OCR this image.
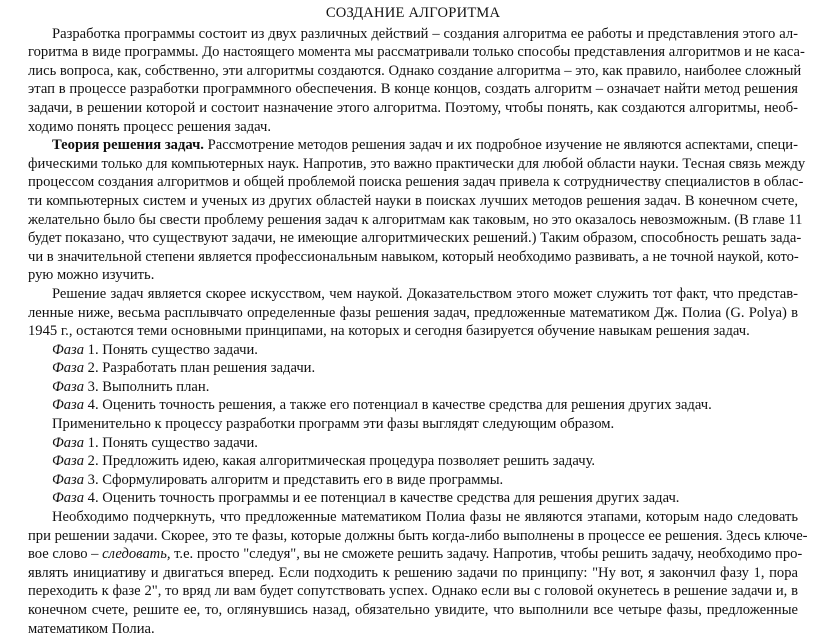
СОЗДАНИЕ АЛГОРИТМА
Разработка программы состоит из двух различных действий – создания алгоритма ее работы и представления этого ал-
горитма в виде программы. До настоящего момента мы рассматривали только способы представления алгоритмов и не каса-
лись вопроса, как, собственно, эти алгоритмы создаются. Однако создание алгоритма – это, как правило, наиболее сложный
этап в процессе разработки программного обеспечения. В конце концов, создать алгоритм – означает найти метод решения
задачи, в решении которой и состоит назначение этого алгоритма. Поэтому, чтобы понять, как создаются алгоритмы, необ-
ходимо понять процесс решения задач.
Теория решения задач. Рассмотрение методов решения задач и их подробное изучение не являются аспектами, специ-
фическими только для компьютерных наук. Напротив, это важно практически для любой области науки. Тесная связь между
процессом создания алгоритмов и общей проблемой поиска решения задач привела к сотрудничеству специалистов в облас-
ти компьютерных систем и ученых из других областей науки в поисках лучших методов решения задач. В конечном счете,
желательно было бы свести проблему решения задач к алгоритмам как таковым, но это оказалось невозможным. (В главе 11
будет показано, что существуют задачи, не имеющие алгоритмических решений.) Таким образом, способность решать зада-
чи в значительной степени является профессиональным навыком, который необходимо развивать, а не точной наукой, кото-
рую можно изучить.
Решение задач является скорее искусством, чем наукой. Доказательством этого может служить тот факт, что представ-
ленные ниже, весьма расплывчато определенные фазы решения задач, предложенные математиком Дж. Полиа (G. Polya) в
1945 г., остаются теми основными принципами, на которых и сегодня базируется обучение навыкам решения задач.
Фаза 1. Понять существо задачи.
Фаза 2. Разработать план решения задачи.
Фаза 3. Выполнить план.
Фаза 4. Оценить точность решения, а также его потенциал в качестве средства для решения других задач.
Применительно к процессу разработки программ эти фазы выглядят следующим образом.
Фаза 1. Понять существо задачи.
Фаза 2. Предложить идею, какая алгоритмическая процедура позволяет решить задачу.
Фаза 3. Сформулировать алгоритм и представить его в виде программы.
Фаза 4. Оценить точность программы и ее потенциал в качестве средства для решения других задач.
Необходимо подчеркнуть, что предложенные математиком Полиа фазы не являются этапами, которым надо следовать
при решении задачи. Скорее, это те фазы, которые должны быть когда-либо выполнены в процессе ее решения. Здесь ключе-
вое слово – следовать, т.е. просто "следуя", вы не сможете решить задачу. Напротив, чтобы решить задачу, необходимо про-
являть инициативу и двигаться вперед. Если подходить к решению задачи по принципу: "Ну вот, я закончил фазу 1, пора
переходить к фазе 2", то вряд ли вам будет сопутствовать успех. Однако если вы с головой окунетесь в решение задачи и, в
конечном счете, решите ее, то, оглянувшись назад, обязательно увидите, что выполнили все четыре фазы, предложенные
математиком Полиа.
